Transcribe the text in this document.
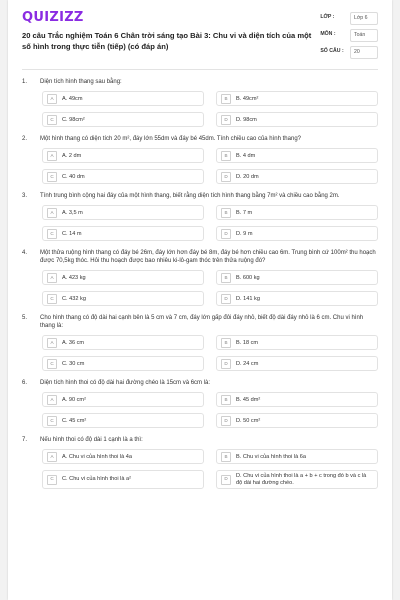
QUIZIZZ
20 câu Trắc nghiệm Toán 6 Chân trời sáng tạo Bài 3: Chu vi và diện tích của một số hình trong thực tiễn (tiếp) (có đáp án)
LỚP :	Lớp 6
MÔN :	Toán
SỐ CÂU :	20
1.	Diện tích hình thang sau bằng:
A	A. 49cm	B	B. 49cm²
C	C. 98cm²	D	D. 98cm
2.	Một hình thang có diện tích 20 m², đáy lớn 55dm và đáy bé 45dm. Tính chiều cao của hình thang?
A	A. 2 dm	B	B. 4 dm
C	C. 40 dm	D	D. 20 dm
3.	Tính trung bình cộng hai đáy của một hình thang, biết rằng diện tích hình thang bằng 7m² và chiều cao bằng 2m.
A	A. 3,5 m	B	B. 7 m
C	C. 14 m	D	D. 9 m
4.	Một thửa ruộng hình thang có đáy bé 26m, đáy lớn hơn đáy bé 8m, đáy bé hơn chiều cao 6m. Trung bình cứ 100m² thu hoạch được 70,5kg thóc. Hỏi thu hoạch được bao nhiêu ki-lô-gam thóc trên thửa ruộng đó?
A	A. 423 kg	B	B. 600 kg
C	C. 432 kg	D	D. 141 kg
5.	Cho hình thang có độ dài hai cạnh bên là 5 cm và 7 cm, đáy lớn gấp đôi đáy nhỏ, biết độ dài đáy nhỏ là 6 cm. Chu vi hình thang là:
A	A. 36 cm	B	B. 18 cm
C	C. 30 cm	D	D. 24 cm
6.	Diện tích hình thoi có độ dài hai đường chéo là 15cm và 6cm là:
A	A. 90 cm²	B	B. 45 dm²
C	C. 45 cm²	D	D. 50 cm²
7.	Nếu hình thoi có độ dài 1 cạnh là a thì:
A	A. Chu vi của hình thoi là 4a	B	B. Chu vi của hình thoi là 6a
C	C. Chu vi của hình thoi là a²	D	D. Chu vi của hình thoi là a + b + c trong đó b và c là độ dài hai đường chéo.
